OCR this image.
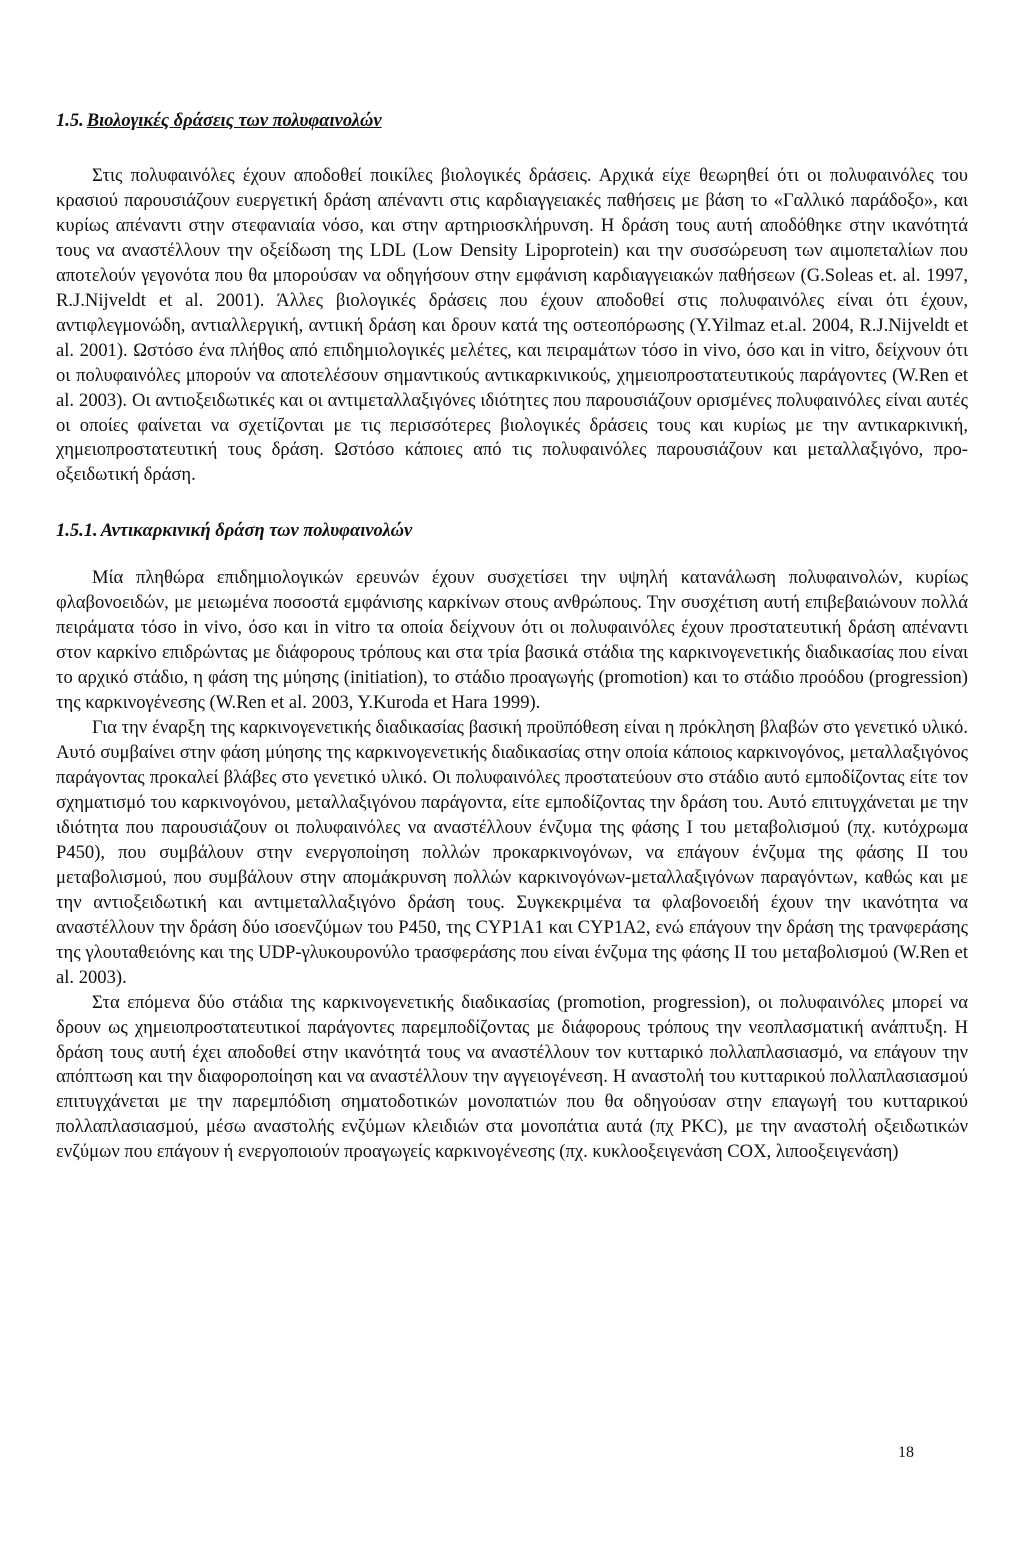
1.5. Βιολογικές δράσεις των πολυφαινολών

Στις πολυφαινόλες έχουν αποδοθεί ποικίλες βιολογικές δράσεις. Αρχικά είχε θεωρηθεί ότι οι πολυφαινόλες του κρασιού παρουσιάζουν ευεργετική δράση απέναντι στις καρδιαγγειακές παθήσεις με βάση το «Γαλλικό παράδοξο», και κυρίως απέναντι στην στεφανιαία νόσο, και στην αρτηριοσκλήρυνση. Η δράση τους αυτή αποδόθηκε στην ικανότητά τους να αναστέλλουν την οξείδωση της LDL (Low Density Lipoprotein) και την συσσώρευση των αιμοπεταλίων που αποτελούν γεγονότα που θα μπορούσαν να οδηγήσουν στην εμφάνιση καρδιαγγειακών παθήσεων (G.Soleas et. al. 1997, R.J.Nijveldt et al. 2001). Άλλες βιολογικές δράσεις που έχουν αποδοθεί στις πολυφαινόλες είναι ότι έχουν, αντιφλεγμονώδη, αντιαλλεργική, αντιική δράση και δρουν κατά της οστεοπόρωσης (Y.Yilmaz et.al. 2004, R.J.Nijveldt et al. 2001). Ωστόσο ένα πλήθος από επιδημιολογικές μελέτες, και πειραμάτων τόσο in vivo, όσο και in vitro, δείχνουν ότι οι πολυφαινόλες μπορούν να αποτελέσουν σημαντικούς αντικαρκινικούς, χημειοπροστατευτικούς παράγοντες (W.Ren et al. 2003). Οι αντιοξειδωτικές και οι αντιμεταλλαξιγόνες ιδιότητες που παρουσιάζουν ορισμένες πολυφαινόλες είναι αυτές οι οποίες φαίνεται να σχετίζονται με τις περισσότερες βιολογικές δράσεις τους και κυρίως με την αντικαρκινική, χημειοπροστατευτική τους δράση. Ωστόσο κάποιες από τις πολυφαινόλες παρουσιάζουν και μεταλλαξιγόνο, προ-οξειδωτική δράση.

1.5.1. Αντικαρκινική δράση των πολυφαινολών

Μία πληθώρα επιδημιολογικών ερευνών έχουν συσχετίσει την υψηλή κατανάλωση πολυφαινολών, κυρίως φλαβονοειδών, με μειωμένα ποσοστά εμφάνισης καρκίνων στους ανθρώπους. Την συσχέτιση αυτή επιβεβαιώνουν πολλά πειράματα τόσο in vivo, όσο και in vitro τα οποία δείχνουν ότι οι πολυφαινόλες έχουν προστατευτική δράση απέναντι στον καρκίνο επιδρώντας με διάφορους τρόπους και στα τρία βασικά στάδια της καρκινογενετικής διαδικασίας που είναι το αρχικό στάδιο, η φάση της μύησης (initiation), το στάδιο προαγωγής (promotion) και το στάδιο προόδου (progression) της καρκινογένεσης (W.Ren et al. 2003, Y.Kuroda et Hara 1999).

Για την έναρξη της καρκινογενετικής διαδικασίας βασική προϋπόθεση είναι η πρόκληση βλαβών στο γενετικό υλικό. Αυτό συμβαίνει στην φάση μύησης της καρκινογενετικής διαδικασίας στην οποία κάποιος καρκινογόνος, μεταλλαξιγόνος παράγοντας προκαλεί βλάβες στο γενετικό υλικό. Οι πολυφαινόλες προστατεύουν στο στάδιο αυτό εμποδίζοντας είτε τον σχηματισμό του καρκινογόνου, μεταλλαξιγόνου παράγοντα, είτε εμποδίζοντας την δράση του. Αυτό επιτυγχάνεται με την ιδιότητα που παρουσιάζουν οι πολυφαινόλες να αναστέλλουν ένζυμα της φάσης I του μεταβολισμού (πχ. κυτόχρωμα P450), που συμβάλουν στην ενεργοποίηση πολλών προκαρκινογόνων, να επάγουν ένζυμα της φάσης II του μεταβολισμού, που συμβάλουν στην απομάκρυνση πολλών καρκινογόνων-μεταλλαξιγόνων παραγόντων, καθώς και με την αντιοξειδωτική και αντιμεταλλαξιγόνο δράση τους. Συγκεκριμένα τα φλαβονοειδή έχουν την ικανότητα να αναστέλλουν την δράση δύο ισοενζύμων του P450, της CYP1A1 και CYP1A2, ενώ επάγουν την δράση της τρανφεράσης της γλουταθειόνης και της UDP-γλυκουρονύλο τρασφεράσης που είναι ένζυμα της φάσης II του μεταβολισμού (W.Ren et al. 2003).

Στα επόμενα δύο στάδια της καρκινογενετικής διαδικασίας (promotion, progression), οι πολυφαινόλες μπορεί να δρουν ως χημειοπροστατευτικοί παράγοντες παρεμποδίζοντας με διάφορους τρόπους την νεοπλασματική ανάπτυξη. Η δράση τους αυτή έχει αποδοθεί στην ικανότητά τους να αναστέλλουν τον κυτταρικό πολλαπλασιασμό, να επάγουν την απόπτωση και την διαφοροποίηση και να αναστέλλουν την αγγειογένεση. Η αναστολή του κυτταρικού πολλαπλασιασμού επιτυγχάνεται με την παρεμπόδιση σηματοδοτικών μονοπατιών που θα οδηγούσαν στην επαγωγή του κυτταρικού πολλαπλασιασμού, μέσω αναστολής ενζύμων κλειδιών στα μονοπάτια αυτά (πχ PKC), με την αναστολή οξειδωτικών ενζύμων που επάγουν ή ενεργοποιούν προαγωγείς καρκινογένεσης (πχ. κυκλοοξειγενάση COX, λιποοξειγενάση)

18
